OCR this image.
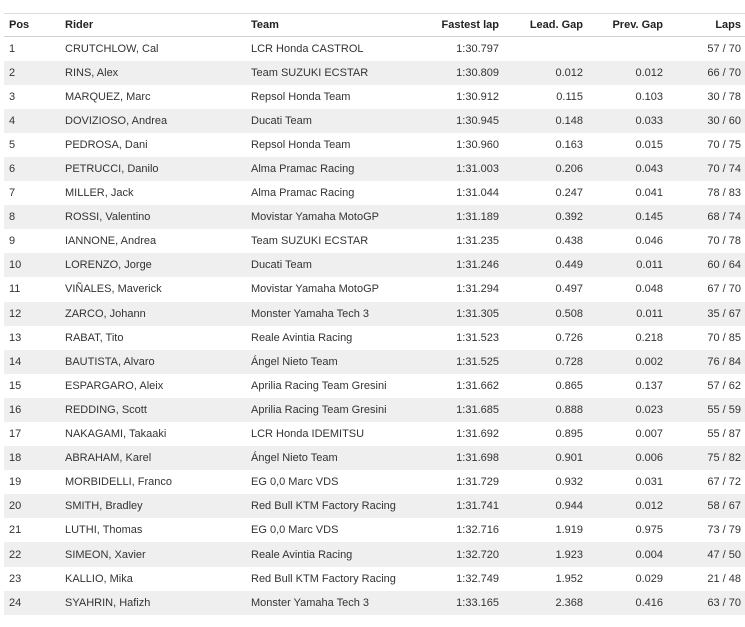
Pos	Rider	Team	Fastest lap	Lead. Gap	Prev. Gap	Laps
1	CRUTCHLOW, Cal	LCR Honda CASTROL	1:30.797			57 / 70
2	RINS, Alex	Team SUZUKI ECSTAR	1:30.809	0.012	0.012	66 / 70
3	MARQUEZ, Marc	Repsol Honda Team	1:30.912	0.115	0.103	30 / 78
4	DOVIZIOSO, Andrea	Ducati Team	1:30.945	0.148	0.033	30 / 60
5	PEDROSA, Dani	Repsol Honda Team	1:30.960	0.163	0.015	70 / 75
6	PETRUCCI, Danilo	Alma Pramac Racing	1:31.003	0.206	0.043	70 / 74
7	MILLER, Jack	Alma Pramac Racing	1:31.044	0.247	0.041	78 / 83
8	ROSSI, Valentino	Movistar Yamaha MotoGP	1:31.189	0.392	0.145	68 / 74
9	IANNONE, Andrea	Team SUZUKI ECSTAR	1:31.235	0.438	0.046	70 / 78
10	LORENZO, Jorge	Ducati Team	1:31.246	0.449	0.011	60 / 64
11	VIÑALES, Maverick	Movistar Yamaha MotoGP	1:31.294	0.497	0.048	67 / 70
12	ZARCO, Johann	Monster Yamaha Tech 3	1:31.305	0.508	0.011	35 / 67
13	RABAT, Tito	Reale Avintia Racing	1:31.523	0.726	0.218	70 / 85
14	BAUTISTA, Alvaro	Ángel Nieto Team	1:31.525	0.728	0.002	76 / 84
15	ESPARGARO, Aleix	Aprilia Racing Team Gresini	1:31.662	0.865	0.137	57 / 62
16	REDDING, Scott	Aprilia Racing Team Gresini	1:31.685	0.888	0.023	55 / 59
17	NAKAGAMI, Takaaki	LCR Honda IDEMITSU	1:31.692	0.895	0.007	55 / 87
18	ABRAHAM, Karel	Ángel Nieto Team	1:31.698	0.901	0.006	75 / 82
19	MORBIDELLI, Franco	EG 0,0 Marc VDS	1:31.729	0.932	0.031	67 / 72
20	SMITH, Bradley	Red Bull KTM Factory Racing	1:31.741	0.944	0.012	58 / 67
21	LUTHI, Thomas	EG 0,0 Marc VDS	1:32.716	1.919	0.975	73 / 79
22	SIMEON, Xavier	Reale Avintia Racing	1:32.720	1.923	0.004	47 / 50
23	KALLIO, Mika	Red Bull KTM Factory Racing	1:32.749	1.952	0.029	21 / 48
24	SYAHRIN, Hafizh	Monster Yamaha Tech 3	1:33.165	2.368	0.416	63 / 70
